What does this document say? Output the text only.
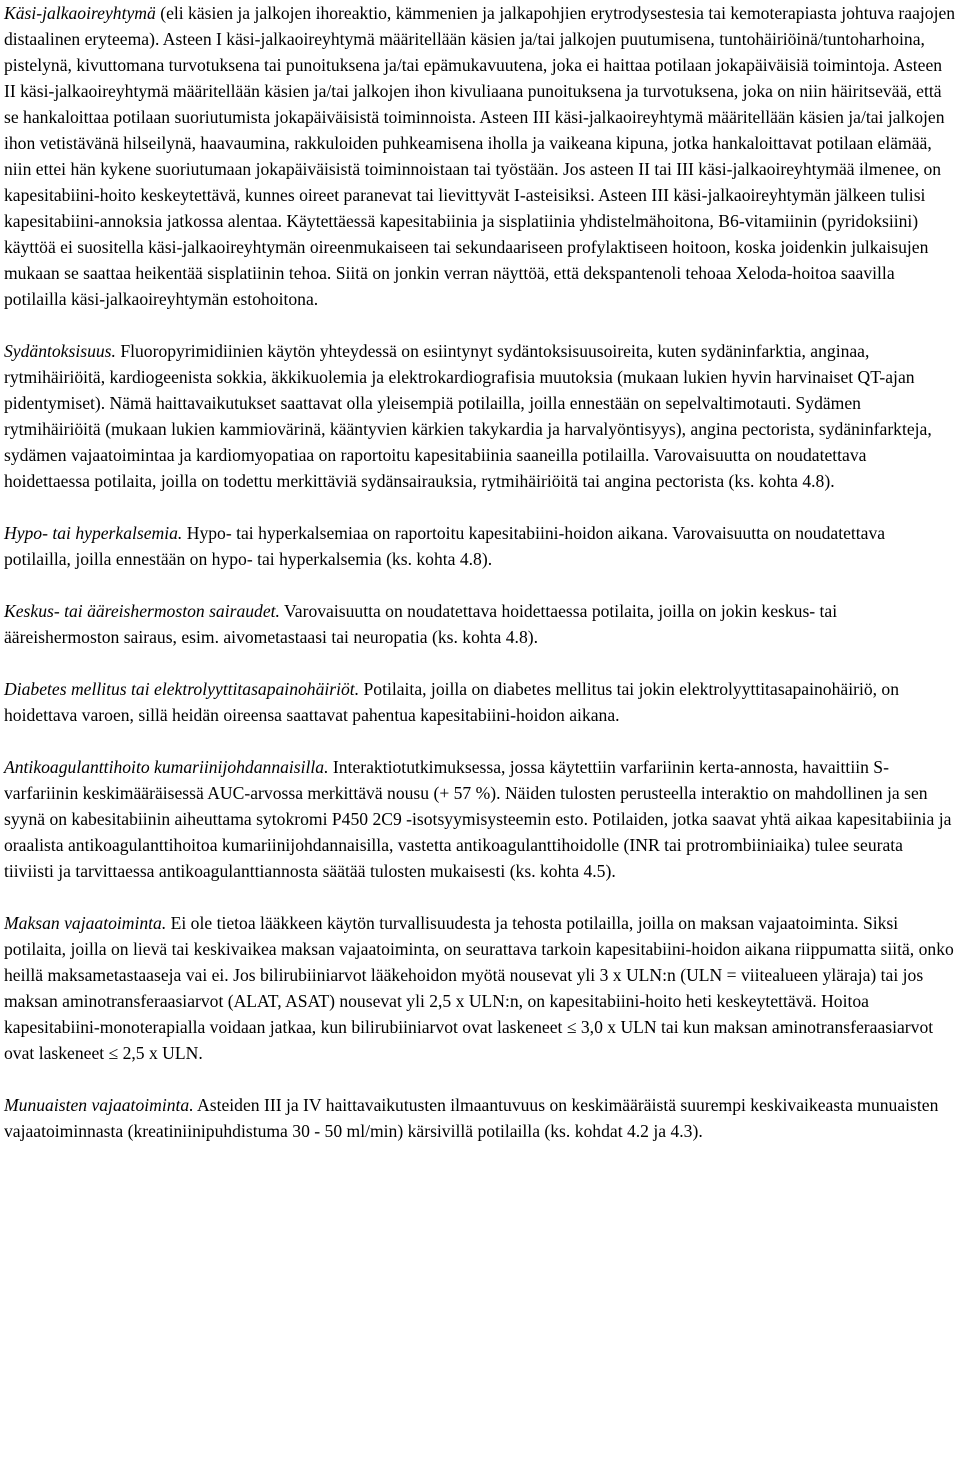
Käsi-jalkaoireyhtymä (eli käsien ja jalkojen ihoreaktio, kämmenien ja jalkapohjien erytrodysestesia tai kemoterapiasta johtuva raajojen distaalinen eryteema). Asteen I käsi-jalkaoireyhtymä määritellään käsien ja/tai jalkojen puutumisena, tuntohäiriöinä/tuntoharhoina, pistelynä, kivuttomana turvotuksena tai punoituksena ja/tai epämukavuutena, joka ei haittaa potilaan jokapäiväisiä toimintoja. Asteen II käsi-jalkaoireyhtymä määritellään käsien ja/tai jalkojen ihon kivuliaana punoituksena ja turvotuksena, joka on niin häiritsevää, että se hankaloittaa potilaan suoriutumista jokapäiväisistä toiminnoista. Asteen III käsi-jalkaoireyhtymä määritellään käsien ja/tai jalkojen ihon vetistävänä hilseilynä, haavaumina, rakkuloiden puhkeamisena iholla ja vaikeana kipuna, jotka hankaloittavat potilaan elämää, niin ettei hän kykene suoriutumaan jokapäiväisistä toiminnoistaan tai työstään. Jos asteen II tai III käsi-jalkaoireyhtymää ilmenee, on kapesitabiini-hoito keskeytettävä, kunnes oireet paranevat tai lievittyvät I-asteisiksi. Asteen III käsi-jalkaoireyhtymän jälkeen tulisi kapesitabiini-annoksia jatkossa alentaa. Käytettäessä kapesitabiinia ja sisplatiinia yhdistelmähoitona, B6-vitamiinin (pyridoksiini) käyttöä ei suositella käsi-jalkaoireyhtymän oireenmukaiseen tai sekundaariseen profylaktiseen hoitoon, koska joidenkin julkaisujen mukaan se saattaa heikentää sisplatiinin tehoa. Siitä on jonkin verran näyttöä, että dekspantenoli tehoaa Xeloda-hoitoa saavilla potilailla käsi-jalkaoireyhtymän estohoitona.

Sydäntoksisuus. Fluoropyrimidiinien käytön yhteydessä on esiintynyt sydäntoksisuusoireita, kuten sydäninfarktia, anginaa, rytmihäiriöitä, kardiogeenista sokkia, äkkikuolemia ja elektrokardiografisia muutoksia (mukaan lukien hyvin harvinaiset QT-ajan pidentymiset). Nämä haittavaikutukset saattavat olla yleisempiä potilailla, joilla ennestään on sepelvaltimotauti. Sydämen rytmihäiriöitä (mukaan lukien kammiovärinä, kääntyvien kärkien takykardia ja harvalyöntisyys), angina pectorista, sydäninfarkteja, sydämen vajaatoimintaa ja kardiomyopatiaa on raportoitu kapesitabiinia saaneilla potilailla. Varovaisuutta on noudatettava hoidettaessa potilaita, joilla on todettu merkittäviä sydänsairauksia, rytmihäiriöitä tai angina pectorista (ks. kohta 4.8).

Hypo- tai hyperkalsemia. Hypo- tai hyperkalsemiaa on raportoitu kapesitabiini-hoidon aikana. Varovaisuutta on noudatettava potilailla, joilla ennestään on hypo- tai hyperkalsemia (ks. kohta 4.8).

Keskus- tai ääreishermoston sairaudet. Varovaisuutta on noudatettava hoidettaessa potilaita, joilla on jokin keskus- tai ääreishermoston sairaus, esim. aivometastaasi tai neuropatia (ks. kohta 4.8).

Diabetes mellitus tai elektrolyyttitasapainohäiriöt. Potilaita, joilla on diabetes mellitus tai jokin elektrolyyttitasapainohäiriö, on hoidettava varoen, sillä heidän oireensa saattavat pahentua kapesitabiini-hoidon aikana.

Antikoagulanttihoito kumariinijohdannaisilla. Interaktiotutkimuksessa, jossa käytettiin varfariinin kerta-annosta, havaittiin S-varfariinin keskimääräisessä AUC-arvossa merkittävä nousu (+ 57 %). Näiden tulosten perusteella interaktio on mahdollinen ja sen syynä on kabesitabiinin aiheuttama sytokromi P450 2C9 -isotsyymisysteemin esto. Potilaiden, jotka saavat yhtä aikaa kapesitabiinia ja oraalista antikoagulanttihoitoa kumariinijohdannaisilla, vastetta antikoagulanttihoidolle (INR tai protrombiiniaika) tulee seurata tiiviisti ja tarvittaessa antikoagulanttiannosta säätää tulosten mukaisesti (ks. kohta 4.5).

Maksan vajaatoiminta. Ei ole tietoa lääkkeen käytön turvallisuudesta ja tehosta potilailla, joilla on maksan vajaatoiminta. Siksi potilaita, joilla on lievä tai keskivaikea maksan vajaatoiminta, on seurattava tarkoin kapesitabiini-hoidon aikana riippumatta siitä, onko heillä maksametastaaseja vai ei. Jos bilirubiiniarvot lääkehoidon myötä nousevat yli 3 x ULN:n (ULN = viitealueen yläraja) tai jos maksan aminotransferaasiarvot (ALAT, ASAT) nousevat yli 2,5 x ULN:n, on kapesitabiini-hoito heti keskeytettävä. Hoitoa kapesitabiini-monoterapialla voidaan jatkaa, kun bilirubiiniarvot ovat laskeneet ≤ 3,0 x ULN tai kun maksan aminotransferaasiarvot ovat laskeneet ≤ 2,5 x ULN.

Munuaisten vajaatoiminta. Asteiden III ja IV haittavaikutusten ilmaantuvuus on keskimääräistä suurempi keskivaikeasta munuaisten vajaatoiminnasta (kreatiniinipuhdistuma 30 - 50 ml/min) kärsivillä potilailla (ks. kohdat 4.2 ja 4.3).
